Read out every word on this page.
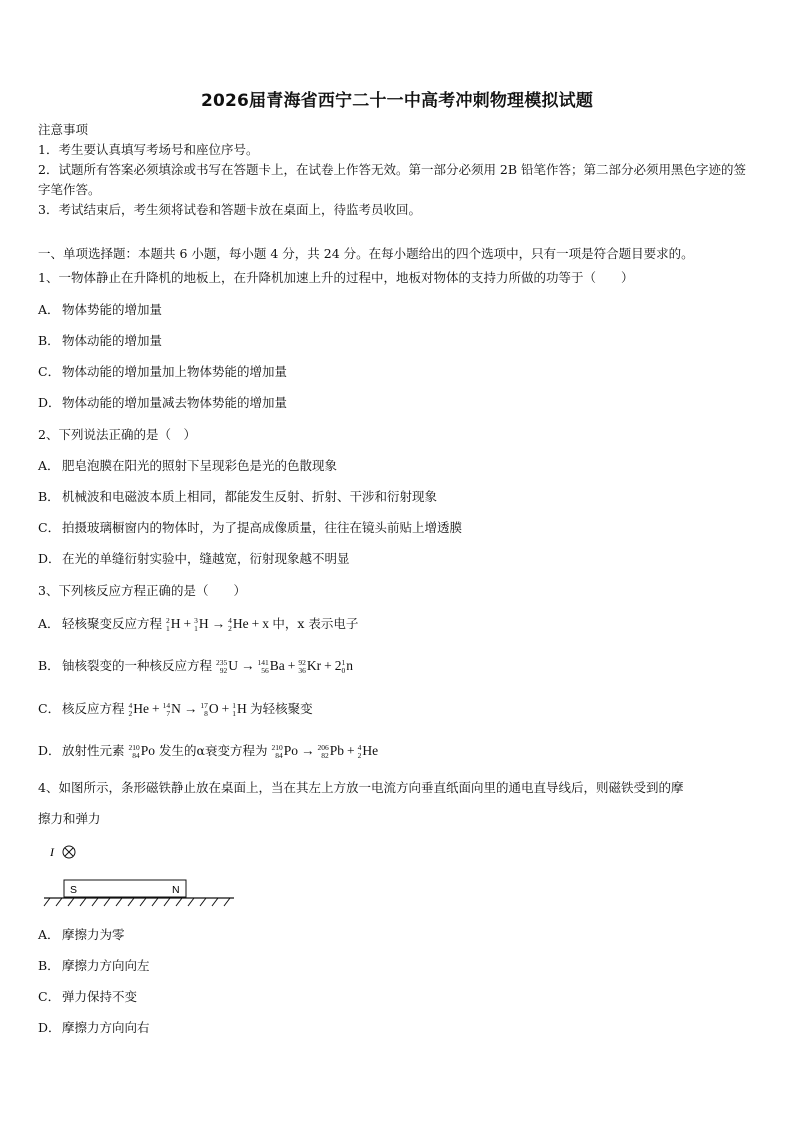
2026届青海省西宁二十一中高考冲刺物理模拟试题
注意事项
1．考生要认真填写考场号和座位序号。
2．试题所有答案必须填涂或书写在答题卡上，在试卷上作答无效。第一部分必须用 2B 铅笔作答；第二部分必须用黑色字迹的签字笔作答。
3．考试结束后，考生须将试卷和答题卡放在桌面上，待监考员收回。
一、单项选择题：本题共 6 小题，每小题 4 分，共 24 分。在每小题给出的四个选项中，只有一项是符合题目要求的。
1、一物体静止在升降机的地板上，在升降机加速上升的过程中，地板对物体的支持力所做的功等于（　　）
A． 物体势能的增加量
B． 物体动能的增加量
C． 物体动能的增加量加上物体势能的增加量
D．物体动能的增加量减去物体势能的增加量
2、下列说法正确的是（　）
A． 肥皂泡膜在阳光的照射下呈现彩色是光的色散现象
B． 机械波和电磁波本质上相同，都能发生反射、折射、干涉和衍射现象
C． 拍摄玻璃橱窗内的物体时，为了提高成像质量，往往在镜头前贴上增透膜
D．在光的单缝衍射实验中，缝越宽，衍射现象越不明显
3、下列核反应方程正确的是（　　）
A． 轻核聚变反应方程 2
1 H + 3
1 H → 4
2 He + x 中，x 表示电子
B． 铀核裂变的一种核反应方程 235
92 U → 141
56 Ba + 92
36 Kr + 2 1
0 n
C． 核反应方程 4
2 He + 14
7 N → 17
8 O + 1
1 H 为轻核聚变
D．放射性元素 210
84 Po 发生的α衰变方程为 210
84 Po → 206
82 Pb + 4
2 He
4、如图所示，条形磁铁静止放在桌面上，当在其左上方放一电流方向垂直纸面向里的通电直导线后，则磁铁受到的摩
擦力和弹力
I
S	N
A． 摩擦力为零
B． 摩擦力方向向左
C． 弹力保持不变
D．摩擦力方向向右
